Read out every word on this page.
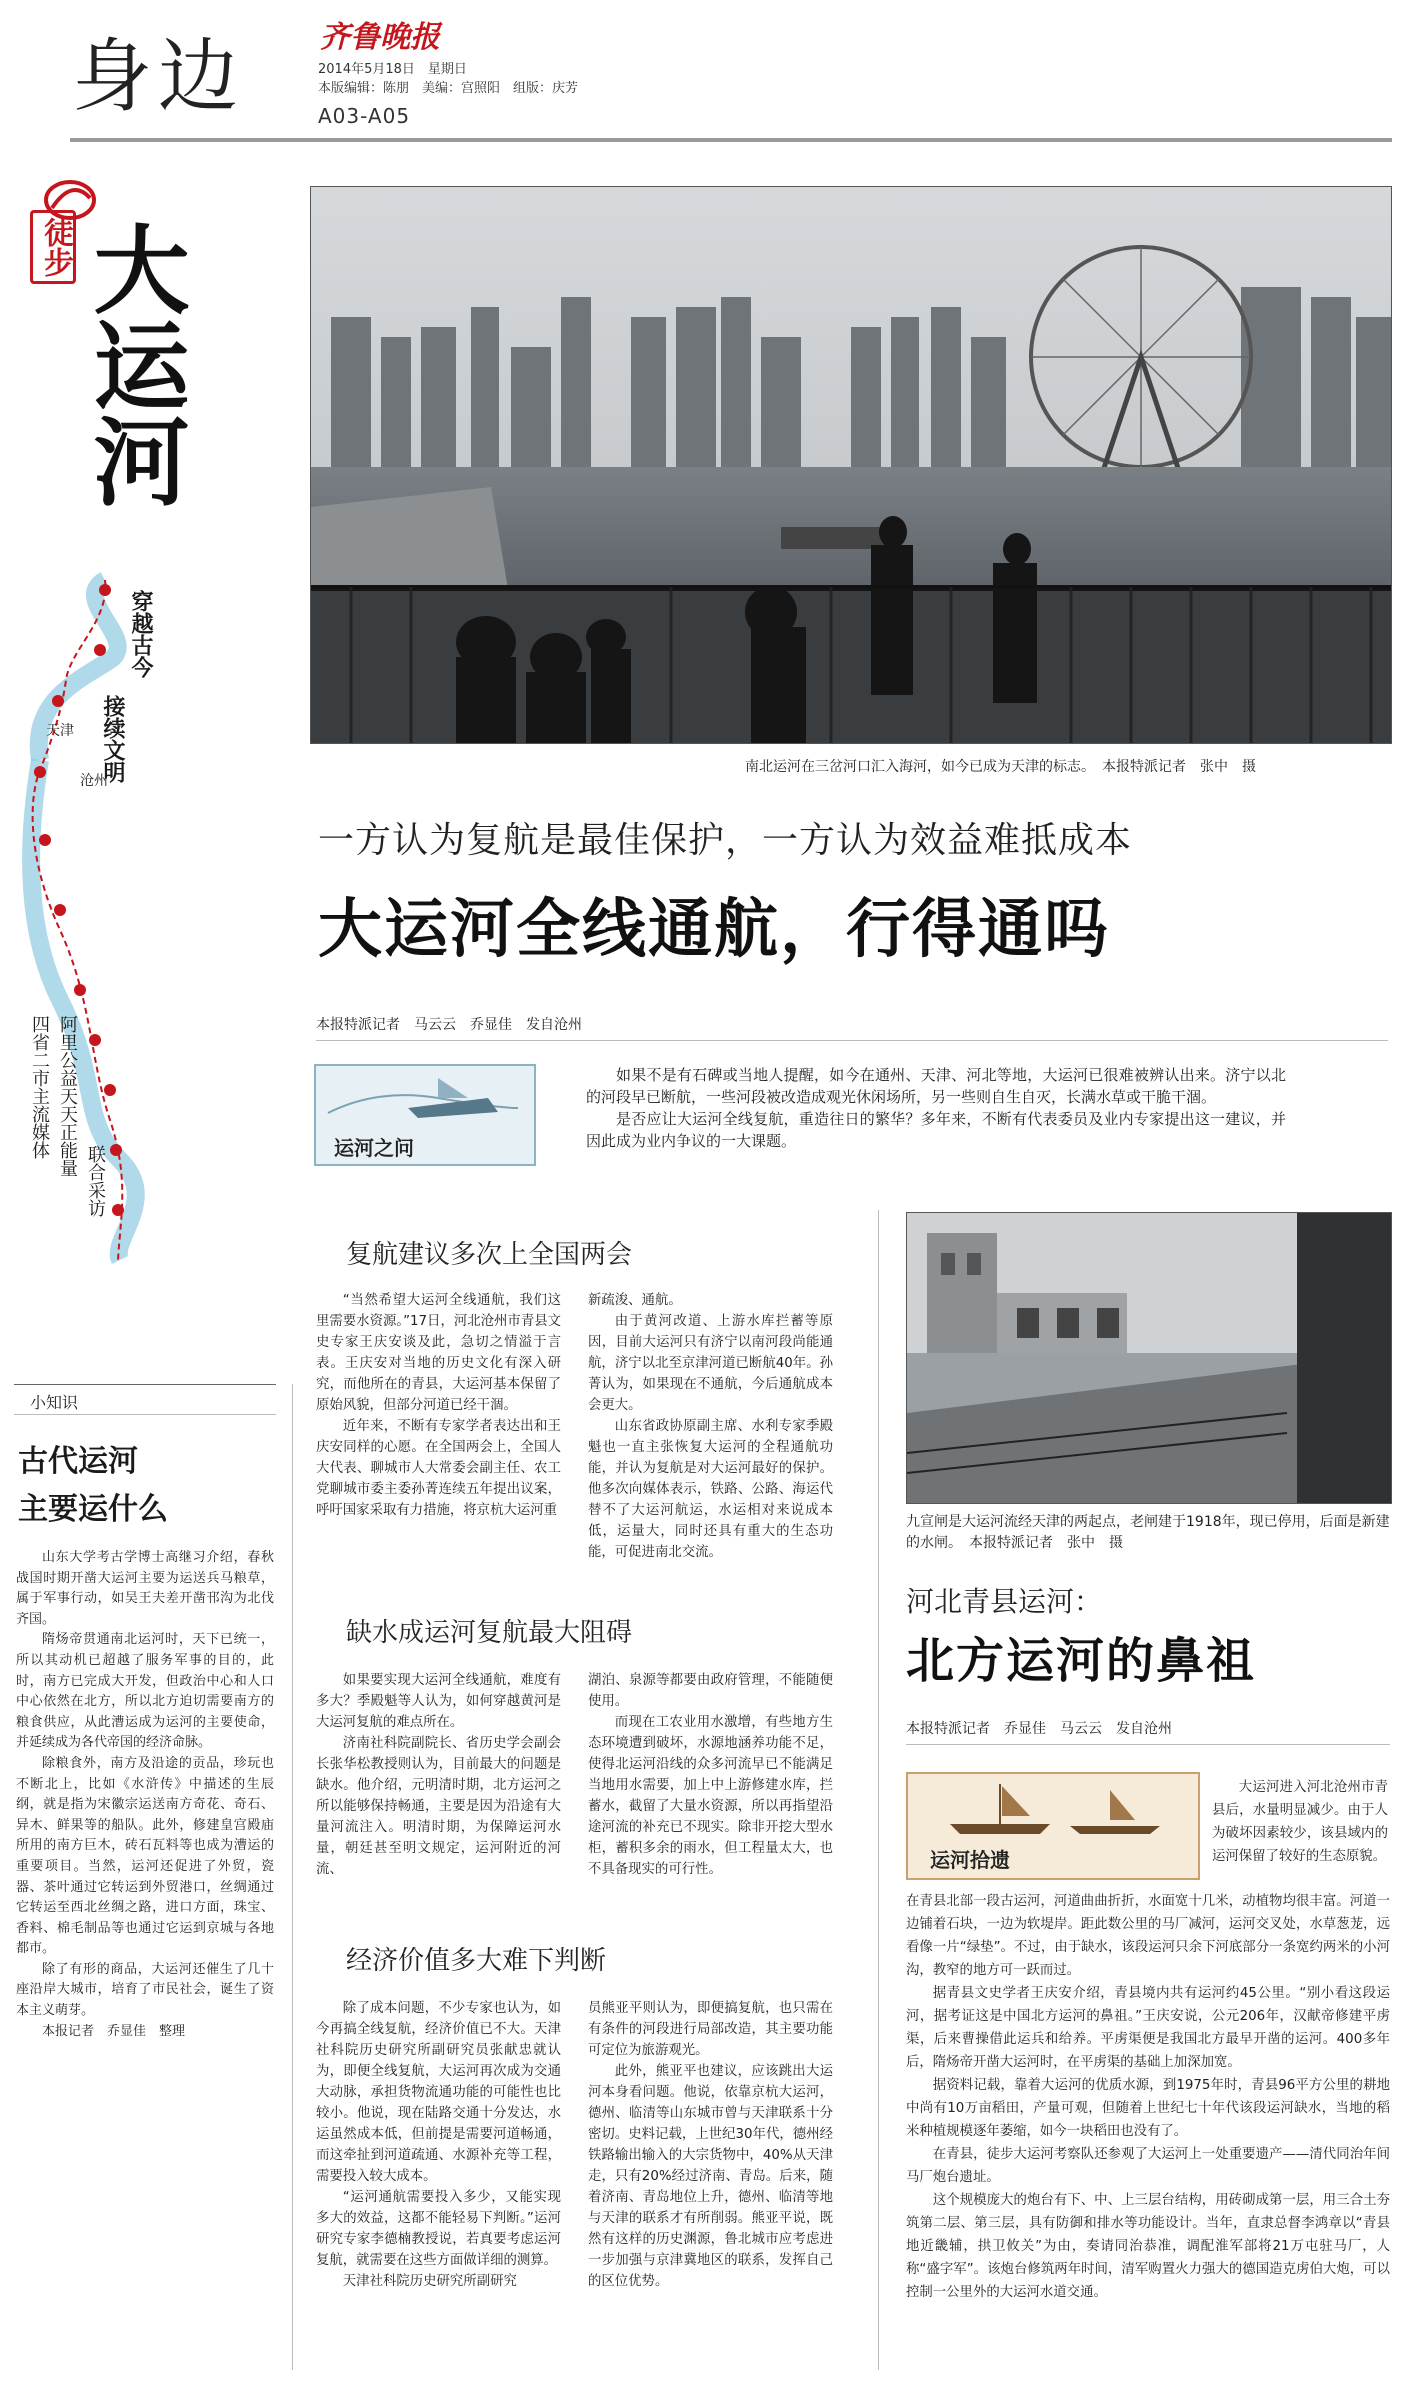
身边	齐鲁晚报
2014年5月18日　星期日
本版编辑：陈朋　美编：宫照阳　组版：庆芳
A03-A05
徒步 大运河
穿越古今
接续文明
天津
沧州
四省二市主流媒体 阿里公益天天正能量
联合采访
南北运河在三岔河口汇入海河，如今已成为天津的标志。　本报特派记者　张中　摄
一方认为复航是最佳保护，一方认为效益难抵成本
大运河全线通航，行得通吗
本报特派记者　马云云　乔显佳　发自沧州
运河之问

如果不是有石碑或当地人提醒，如今在通州、天津、河北等地，大运河已很难被辨认出来。济宁以北的河段早已断航，一些河段被改造成观光休闲场所，另一些则自生自灭，长满水草或干脆干涸。

是否应让大运河全线复航，重造往日的繁华？多年来，不断有代表委员及业内专家提出这一建议，并因此成为业内争议的一大课题。

复航建议多次上全国两会

“当然希望大运河全线通航，我们这里需要水资源。”17日，河北沧州市青县文史专家王庆安谈及此，急切之情溢于言表。王庆安对当地的历史文化有深入研究，而他所在的青县，大运河基本保留了原始风貌，但部分河道已经干涸。

近年来，不断有专家学者表达出和王庆安同样的心愿。在全国两会上，全国人大代表、聊城市人大常委会副主任、农工党聊城市委主委孙菁连续五年提出议案，呼吁国家采取有力措施，将京杭大运河重

新疏浚、通航。

由于黄河改道、上游水库拦蓄等原因，目前大运河只有济宁以南河段尚能通航，济宁以北至京津河道已断航40年。孙菁认为，如果现在不通航，今后通航成本会更大。

山东省政协原副主席、水利专家季殿魁也一直主张恢复大运河的全程通航功能，并认为复航是对大运河最好的保护。他多次向媒体表示，铁路、公路、海运代替不了大运河航运，水运相对来说成本低，运量大，同时还具有重大的生态功能，可促进南北交流。

缺水成运河复航最大阻碍

如果要实现大运河全线通航，难度有多大？季殿魁等人认为，如何穿越黄河是大运河复航的难点所在。

济南社科院副院长、省历史学会副会长张华松教授则认为，目前最大的问题是缺水。他介绍，元明清时期，北方运河之所以能够保持畅通，主要是因为沿途有大量河流注入。明清时期，为保障运河水量，朝廷甚至明文规定，运河附近的河流、

湖泊、泉源等都要由政府管理，不能随便使用。

而现在工农业用水激增，有些地方生态环境遭到破坏，水源地涵养功能不足，使得北运河沿线的众多河流早已不能满足当地用水需要，加上中上游修建水库，拦蓄水，截留了大量水资源，所以再指望沿途河流的补充已不现实。除非开挖大型水柜，蓄积多余的雨水，但工程量太大，也不具备现实的可行性。

经济价值多大难下判断

除了成本问题，不少专家也认为，如今再搞全线复航，经济价值已不大。天津社科院历史研究所副研究员张献忠就认为，即便全线复航，大运河再次成为交通大动脉，承担货物流通功能的可能性也比较小。他说，现在陆路交通十分发达，水运虽然成本低，但前提是需要河道畅通，而这牵扯到河道疏通、水源补充等工程，需要投入较大成本。

“运河通航需要投入多少，又能实现多大的效益，这都不能轻易下判断。”运河研究专家李德楠教授说，若真要考虑运河复航，就需要在这些方面做详细的测算。

天津社科院历史研究所副研究

员熊亚平则认为，即便搞复航，也只需在有条件的河段进行局部改造，其主要功能可定位为旅游观光。

此外，熊亚平也建议，应该跳出大运河本身看问题。他说，依靠京杭大运河，德州、临清等山东城市曾与天津联系十分密切。史料记载，上世纪30年代，德州经铁路输出输入的大宗货物中，40%从天津走，只有20%经过济南、青岛。后来，随着济南、青岛地位上升，德州、临清等地与天津的联系才有所削弱。熊亚平说，既然有这样的历史渊源，鲁北城市应考虑进一步加强与京津冀地区的联系，发挥自己的区位优势。

九宣闸是大运河流经天津的两起点，老闸建于1918年，现已停用，后面是新建的水闸。　本报特派记者　张中　摄
河北青县运河：
北方运河的鼻祖
本报特派记者　乔显佳　马云云　发自沧州
运河拾遗
大运河进入河北沧州市青县后，水量明显减少。由于人为破坏因素较少，该县域内的运河保留了较好的生态原貌。

在青县北部一段古运河，河道曲曲折折，水面宽十几米，动植物均很丰富。河道一边铺着石块，一边为软堤岸。距此数公里的马厂减河，运河交叉处，水草葱茏，远看像一片“绿垫”。不过，由于缺水，该段运河只余下河底部分一条宽约两米的小河沟，教窄的地方可一跃而过。

据青县文史学者王庆安介绍，青县境内共有运河约45公里。“别小看这段运河，据考证这是中国北方运河的鼻祖。”王庆安说，公元206年，汉献帝修建平虏渠，后来曹操借此运兵和给养。平虏渠便是我国北方最早开凿的运河。400多年后，隋炀帝开凿大运河时，在平虏渠的基础上加深加宽。

据资料记载，靠着大运河的优质水源，到1975年时，青县96平方公里的耕地中尚有10万亩稻田，产量可观，但随着上世纪七十年代该段运河缺水，当地的稻米种植规模逐年萎缩，如今一块稻田也没有了。

在青县，徒步大运河考察队还参观了大运河上一处重要遗产——清代同治年间马厂炮台遗址。

这个规模庞大的炮台有下、中、上三层台结构，用砖砌成第一层，用三合土夯筑第二层、第三层，具有防御和排水等功能设计。当年，直隶总督李鸿章以“青县地近畿辅，拱卫攸关”为由，奏请同治恭准，调配淮军部将21万屯驻马厂，人称“盛字军”。该炮台修筑两年时间，清军购置火力强大的德国造克虏伯大炮，可以控制一公里外的大运河水道交通。

小知识
古代运河
主要运什么

山东大学考古学博士高继习介绍，春秋战国时期开凿大运河主要为运送兵马粮草，属于军事行动，如吴王夫差开凿邗沟为北伐齐国。

隋炀帝贯通南北运河时，天下已统一，所以其动机已超越了服务军事的目的，此时，南方已完成大开发，但政治中心和人口中心依然在北方，所以北方迫切需要南方的粮食供应，从此漕运成为运河的主要使命，并延续成为各代帝国的经济命脉。

除粮食外，南方及沿途的贡品，珍玩也不断北上，比如《水浒传》中描述的生辰纲，就是指为宋徽宗运送南方奇花、奇石、异木、鲜果等的船队。此外，修建皇宫殿庙所用的南方巨木，砖石瓦料等也成为漕运的重要项目。当然，运河还促进了外贸，瓷器、茶叶通过它转运到外贸港口，丝绸通过它转运至西北丝绸之路，进口方面，珠宝、香料、棉毛制品等也通过它运到京城与各地都市。

除了有形的商品，大运河还催生了几十座沿岸大城市，培育了市民社会，诞生了资本主义萌芽。

本报记者　乔显佳　整理
